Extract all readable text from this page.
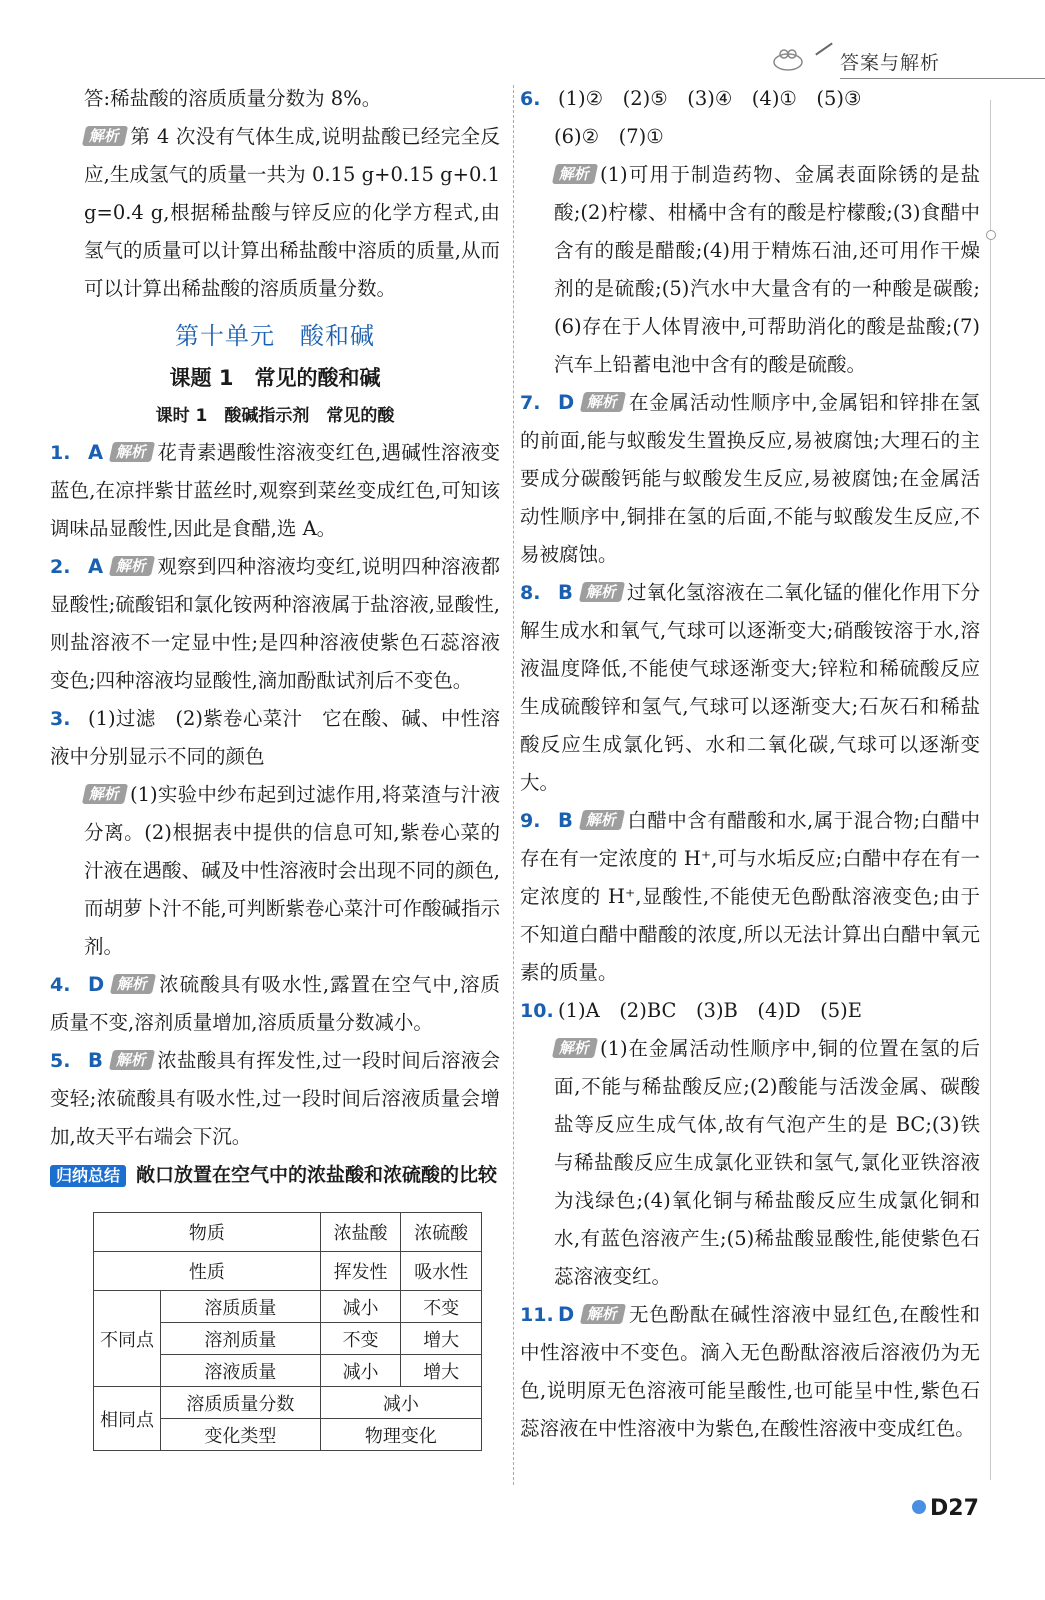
答案与解析

答:稀盐酸的溶质质量分数为 8%。

解析 第 4 次没有气体生成,说明盐酸已经完全反应,生成氢气的质量一共为 0.15 g+0.15 g+0.1 g=0.4 g,根据稀盐酸与锌反应的化学方程式,由氢气的质量可以计算出稀盐酸中溶质的质量,从而可以计算出稀盐酸的溶质质量分数。

第十单元　酸和碱
课题 1　常见的酸和碱
课时 1　酸碱指示剂　常见的酸

1. A 解析 花青素遇酸性溶液变红色,遇碱性溶液变蓝色,在凉拌紫甘蓝丝时,观察到菜丝变成红色,可知该调味品显酸性,因此是食醋,选 A。

2. A 解析 观察到四种溶液均变红,说明四种溶液都显酸性;硫酸铝和氯化铵两种溶液属于盐溶液,显酸性,则盐溶液不一定显中性;是四种溶液使紫色石蕊溶液变色;四种溶液均显酸性,滴加酚酞试剂后不变色。

3. (1)过滤　(2)紫卷心菜汁　它在酸、碱、中性溶液中分别显示不同的颜色

解析 (1)实验中纱布起到过滤作用,将菜渣与汁液分离。(2)根据表中提供的信息可知,紫卷心菜的汁液在遇酸、碱及中性溶液时会出现不同的颜色,而胡萝卜汁不能,可判断紫卷心菜汁可作酸碱指示剂。

4. D 解析 浓硫酸具有吸水性,露置在空气中,溶质质量不变,溶剂质量增加,溶质质量分数减小。

5. B 解析 浓盐酸具有挥发性,过一段时间后溶液会变轻;浓硫酸具有吸水性,过一段时间后溶液质量会增加,故天平右端会下沉。

归纳总结 敞口放置在空气中的浓盐酸和浓硫酸的比较

物质		浓盐酸	浓硫酸
性质		挥发性	吸水性
不同点	溶质质量	减小	不变
	溶剂质量	不变	增大
	溶液质量	减小	增大
相同点	溶质质量分数	减小	
	变化类型	物理变化	

6. (1)②　(2)⑤　(3)④　(4)①　(5)③

(6)②　(7)①

解析 (1)可用于制造药物、金属表面除锈的是盐酸;(2)柠檬、柑橘中含有的酸是柠檬酸;(3)食醋中含有的酸是醋酸;(4)用于精炼石油,还可用作干燥剂的是硫酸;(5)汽水中大量含有的一种酸是碳酸;(6)存在于人体胃液中,可帮助消化的酸是盐酸;(7)汽车上铅蓄电池中含有的酸是硫酸。

7. D 解析 在金属活动性顺序中,金属铝和锌排在氢的前面,能与蚁酸发生置换反应,易被腐蚀;大理石的主要成分碳酸钙能与蚁酸发生反应,易被腐蚀;在金属活动性顺序中,铜排在氢的后面,不能与蚁酸发生反应,不易被腐蚀。

8. B 解析 过氧化氢溶液在二氧化锰的催化作用下分解生成水和氧气,气球可以逐渐变大;硝酸铵溶于水,溶液温度降低,不能使气球逐渐变大;锌粒和稀硫酸反应生成硫酸锌和氢气,气球可以逐渐变大;石灰石和稀盐酸反应生成氯化钙、水和二氧化碳,气球可以逐渐变大。

9. B 解析 白醋中含有醋酸和水,属于混合物;白醋中存在有一定浓度的 H⁺,可与水垢反应;白醋中存在有一定浓度的 H⁺,显酸性,不能使无色酚酞溶液变色;由于不知道白醋中醋酸的浓度,所以无法计算出白醋中氧元素的质量。

10. (1)A　(2)BC　(3)B　(4)D　(5)E

解析 (1)在金属活动性顺序中,铜的位置在氢的后面,不能与稀盐酸反应;(2)酸能与活泼金属、碳酸盐等反应生成气体,故有气泡产生的是 BC;(3)铁与稀盐酸反应生成氯化亚铁和氢气,氯化亚铁溶液为浅绿色;(4)氧化铜与稀盐酸反应生成氯化铜和水,有蓝色溶液产生;(5)稀盐酸显酸性,能使紫色石蕊溶液变红。

11. D 解析 无色酚酞在碱性溶液中显红色,在酸性和中性溶液中不变色。滴入无色酚酞溶液后溶液仍为无色,说明原无色溶液可能呈酸性,也可能呈中性,紫色石蕊溶液在中性溶液中为紫色,在酸性溶液中变成红色。

D27
